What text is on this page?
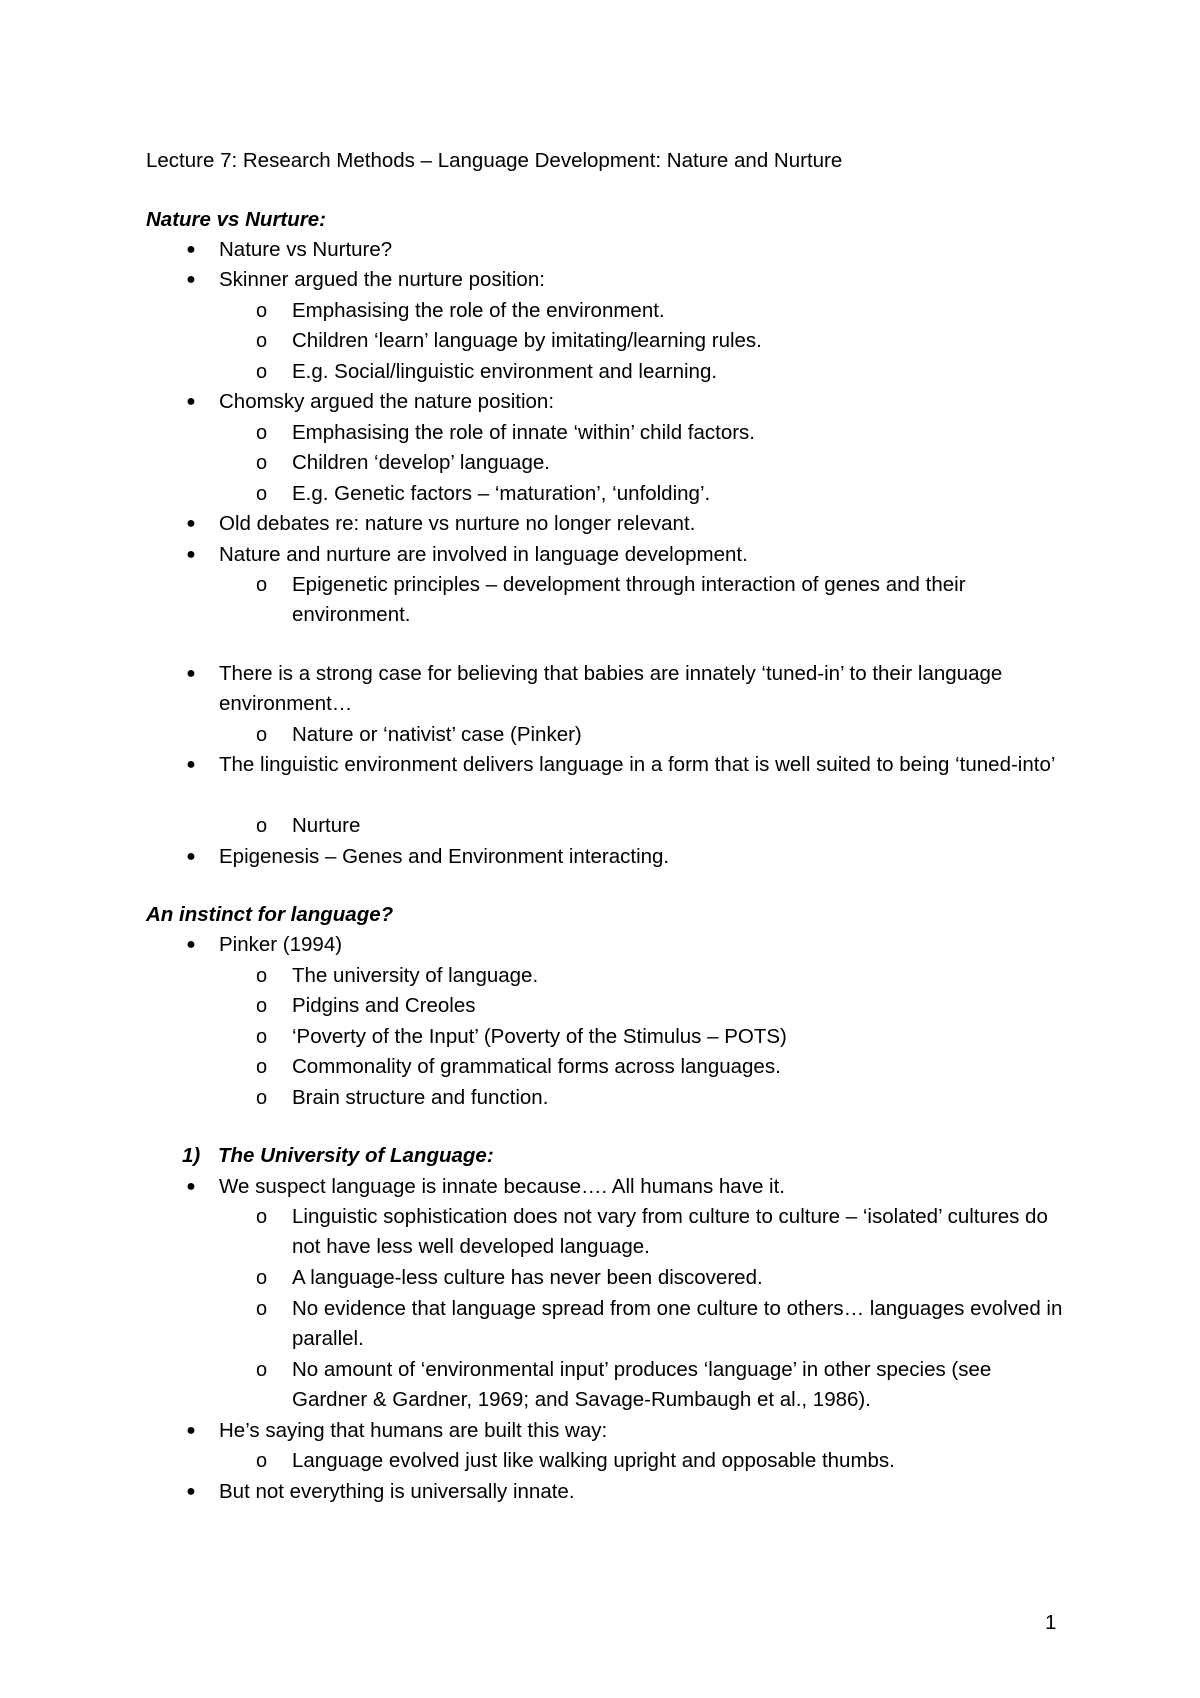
Lecture 7: Research Methods – Language Development: Nature and Nurture
Nature vs Nurture:
● Nature vs Nurture?
● Skinner argued the nurture position:
o	Emphasising the role of the environment.
o	Children ‘learn’ language by imitating/learning rules.
o	E.g. Social/linguistic environment and learning.
● Chomsky argued the nature position:
o	Emphasising the role of innate ‘within’ child factors.
o	Children ‘develop’ language.
o	E.g. Genetic factors – ‘maturation’, ‘unfolding’.
● Old debates re: nature vs nurture no longer relevant.
● Nature and nurture are involved in language development.
o	Epigenetic principles – development through interaction of genes and their environment.
● There is a strong case for believing that babies are innately ‘tuned-in’ to their language environment…
o	Nature or ‘nativist’ case (Pinker)
● The linguistic environment delivers language in a form that is well suited to being ‘tuned-into’
o	Nurture
● Epigenesis – Genes and Environment interacting.
An instinct for language?
● Pinker (1994)
o	The university of language.
o	Pidgins and Creoles
o	‘Poverty of the Input’ (Poverty of the Stimulus – POTS)
o	Commonality of grammatical forms across languages.
o	Brain structure and function.
1) The University of Language:
● We suspect language is innate because…. All humans have it.
o	Linguistic sophistication does not vary from culture to culture – ‘isolated’ cultures do not have less well developed language.
o	A language-less culture has never been discovered.
o	No evidence that language spread from one culture to others… languages evolved in parallel.
o	No amount of ‘environmental input’ produces ‘language’ in other species (see Gardner & Gardner, 1969; and Savage-Rumbaugh et al., 1986).
● He’s saying that humans are built this way:
o	Language evolved just like walking upright and opposable thumbs.
● But not everything is universally innate.
1
